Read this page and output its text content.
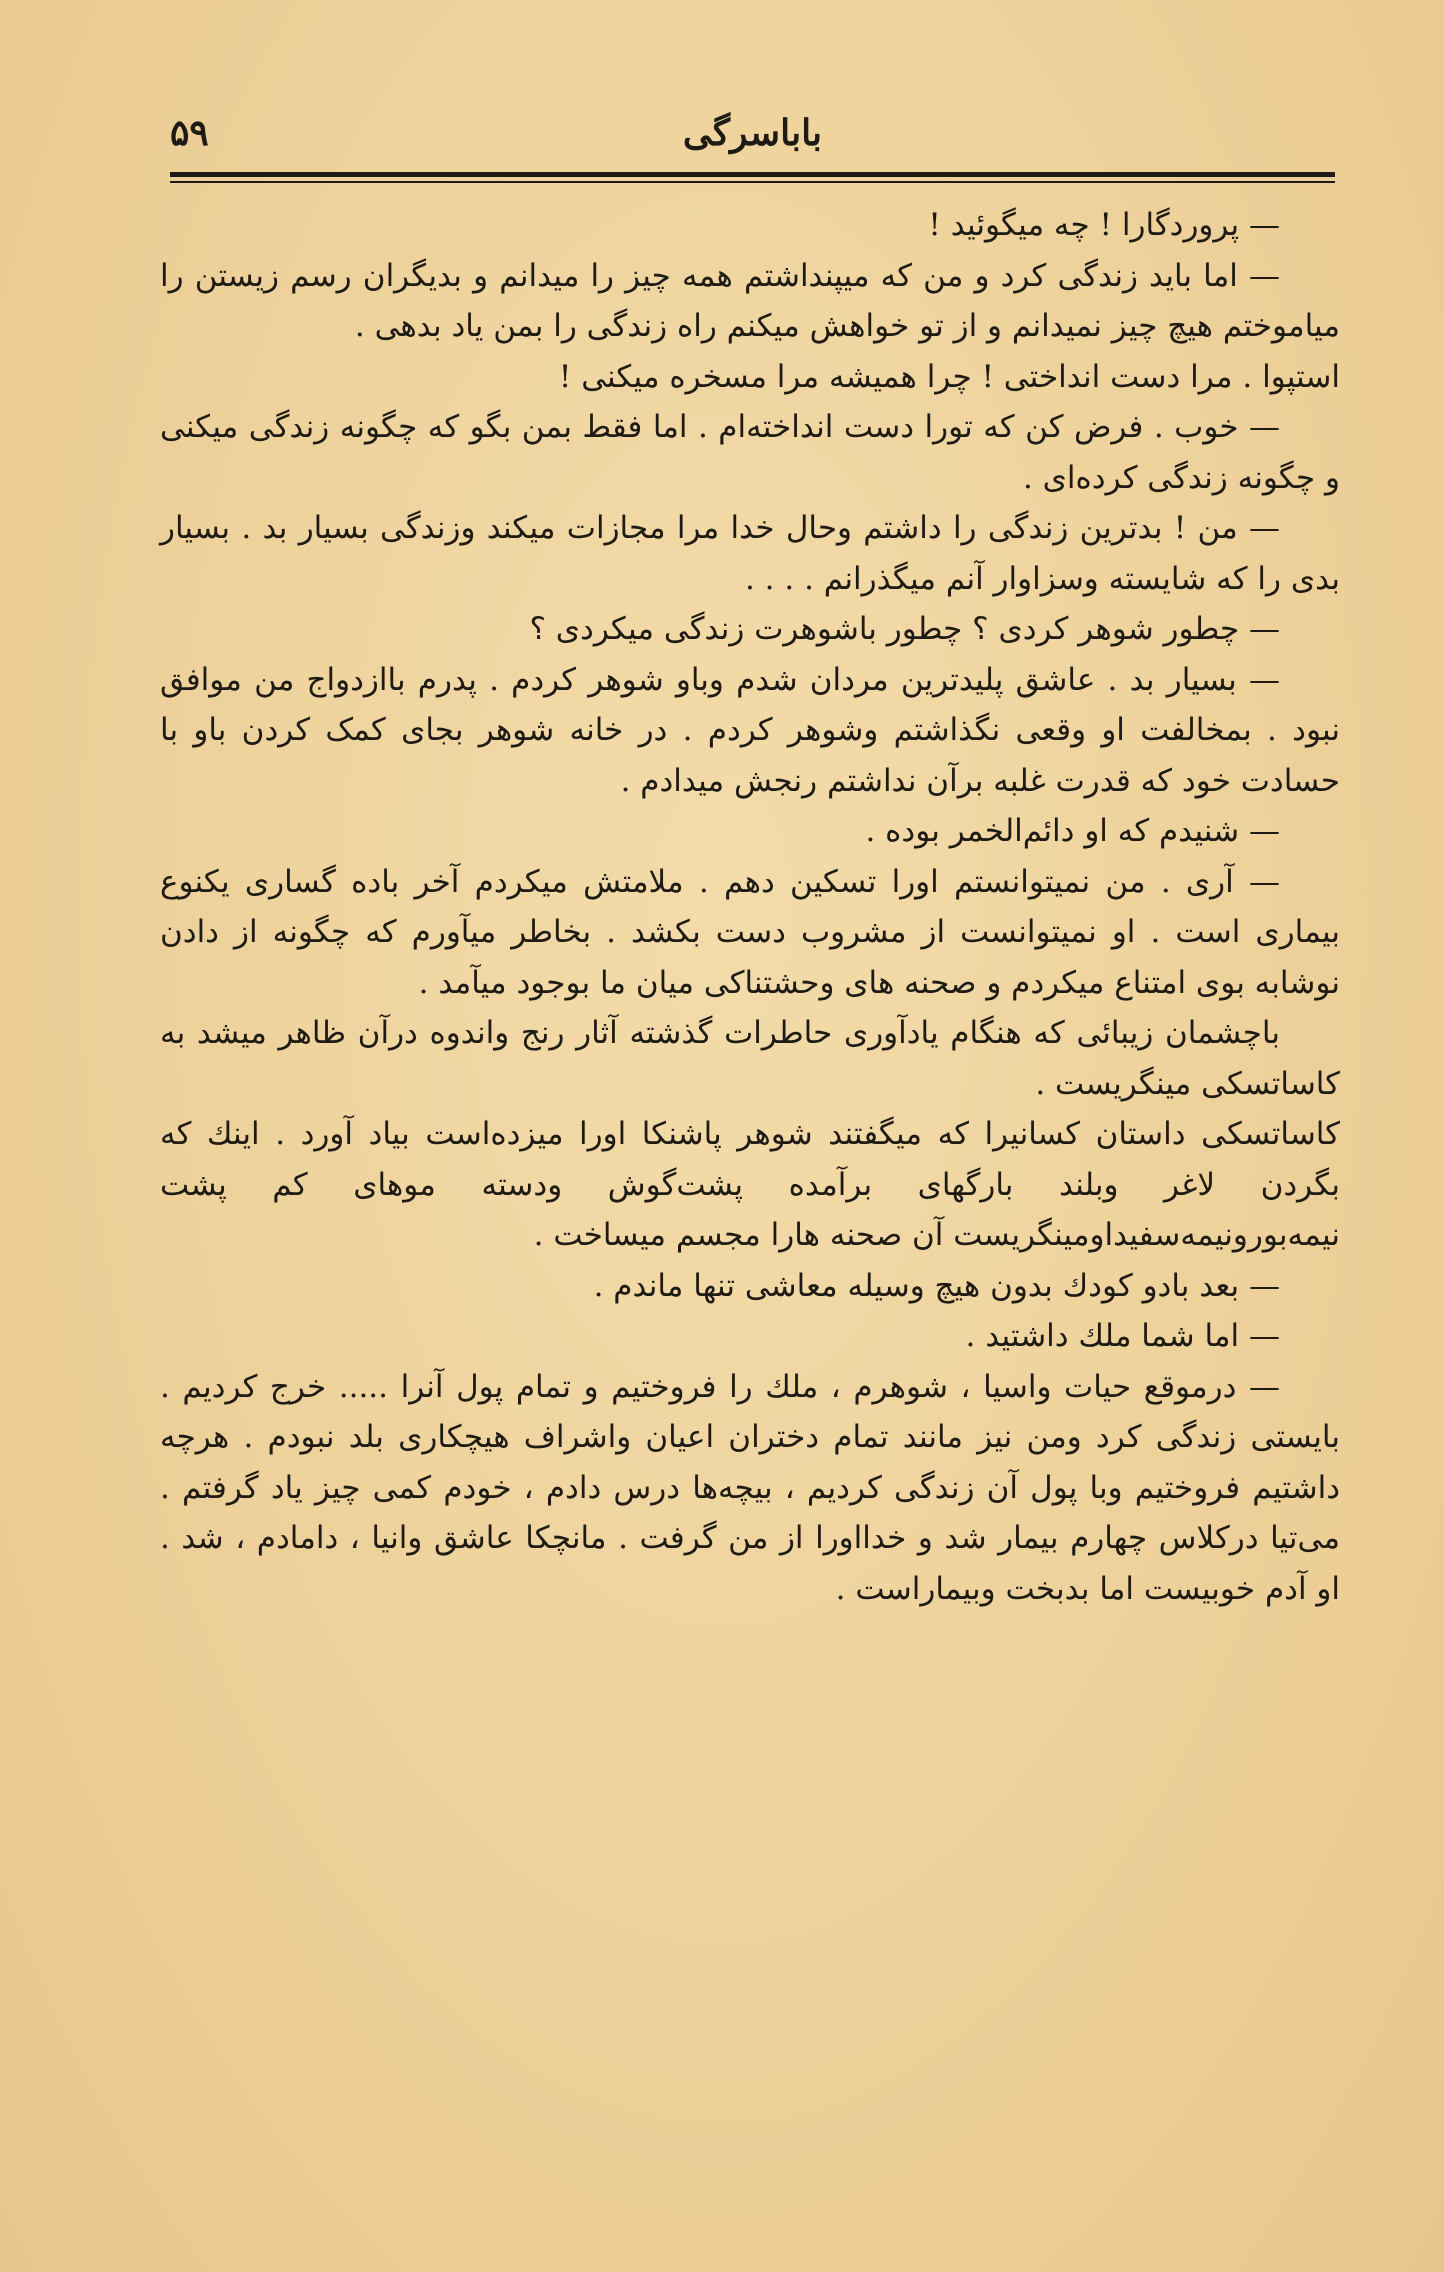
۵۹	باباسرگی

— پروردگارا ! چه میگوئید !

— اما باید زندگی کرد و من که میپنداشتم همه چیز را میدانم و بدیگران رسم زیستن را میاموختم هیچ چیز نمیدانم و از تو خواهش میکنم راه زندگی را بمن یاد بدهی .

استپوا . مرا دست انداختی ! چرا همیشه مرا مسخره میکنی !

— خوب . فرض کن که تورا دست انداخته‌ام . اما فقط بمن بگو که چگونه زندگی میکنی و چگونه زندگی کرده‌ای .

— من ! بدترین زندگی را داشتم وحال خدا مرا مجازات میکند وزندگی بسیار بد . بسیار بدی را که شایسته وسزاوار آنم میگذرانم . . . .

— چطور شوهر کردی ؟ چطور باشوهرت زندگی میکردی ؟

— بسیار بد . عاشق پلیدترین مردان شدم وباو شوهر کردم . پدرم باازدواج من موافق نبود . بمخالفت او وقعی نگذاشتم وشوهر کردم . در خانه شوهر بجای کمک کردن باو با حسادت خود که قدرت غلبه برآن نداشتم رنجش میدادم .

— شنیدم که او دائم‌الخمر بوده .

— آری . من نمیتوانستم اورا تسکین دهم . ملامتش میکردم آخر باده گساری یکنوع بیماری است . او نمیتوانست از مشروب دست بکشد . بخاطر میآورم که چگونه از دادن نوشابه بوی امتناع میکردم و صحنه های وحشتناکی میان ما بوجود میآمد .

باچشمان زیبائی که هنگام یادآوری حاطرات گذشته آثار رنج واندوه درآن ظاهر میشد به کاساتسکی مینگریست .

کاساتسکی داستان کسانیرا که میگفتند شوهر پاشنکا اورا میزده‌است بیاد آورد . اینك که بگردن لاغر وبلند بارگهای برآمده پشت‌گوش ودسته موهای کم پشت نیمه‌بورونیمه‌سفیداومینگریست آن صحنه هارا مجسم میساخت .

— بعد بادو کودك بدون هیچ وسیله معاشی تنها ماندم .

— اما شما ملك داشتید .

— درموقع حیات واسیا ، شوهرم ، ملك را فروختیم و تمام پول آنرا ..... خرج کردیم . بایستی زندگی کرد ومن نیز مانند تمام دختران اعیان واشراف هیچکاری بلد نبودم . هرچه داشتیم فروختیم وبا پول آن زندگی کردیم ، بیچه‌ها درس دادم ، خودم کمی چیز یاد گرفتم . می‌تیا درکلاس چهارم بیمار شد و خدااورا از من گرفت . مانچکا عاشق وانیا ، دامادم ، شد . او آدم خوبیست اما بدبخت وبیماراست .
